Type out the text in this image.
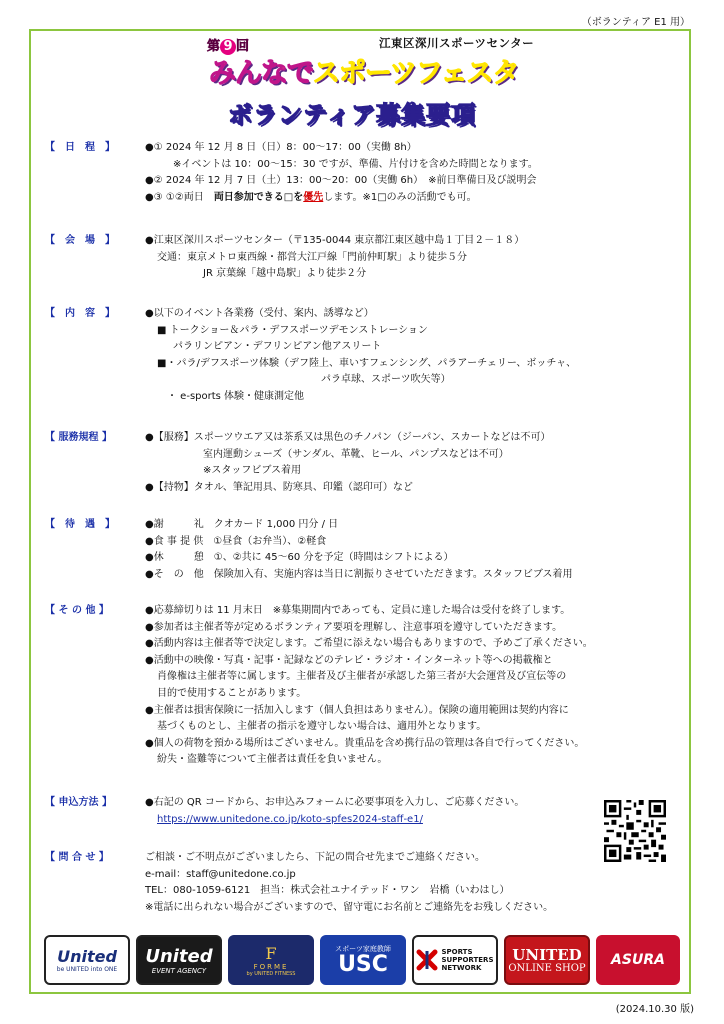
（ボランティア E1 用）
第 9 回	江東区深川スポーツセンター
みんなでスポーツフェスタ
ボランティア募集要項
【　日　程　】	●① 2024 年 12 月 8 日（日）8：00～17：00（実働 8h）
※イベントは 10：00～15：30 ですが、準備、片付けを含めた時間となります。
●② 2024 年 12 月 7 日（土）13：00～20：00（実働 6h）　※前日準備日及び説明会
●③ ①②両日　両日参加できる□を優先します。※1□のみの活動でも可。
【　会　場　】	●江東区深川スポーツセンター（〒135-0044 東京都江東区越中島１丁目２－１８）
交通：東京メトロ東西線・都営大江戸線「門前仲町駅」より徒歩５分
JR 京葉線「越中島駅」より徒歩２分
【　内　容　】	●以下のイベント各業務（受付、案内、誘導など）
■ トークショー＆パラ・デフスポーツデモンストレーション
パラリンピアン・デフリンピアン他アスリート
■・パラ/デフスポーツ体験（デフ陸上、車いすフェンシング、パラアーチェリー、ボッチャ、
パラ卓球、スポーツ吹矢等）
・ e-sports 体験・健康測定他
【 服務規程 】	●【服務】スポーツウエア又は茶系又は黒色のチノパン（ジーパン、スカートなどは不可）
室内運動シューズ（サンダル、革靴、ヒール、パンプスなどは不可）
※スタッフビブス着用
●【持物】タオル、筆記用具、防寒具、印鑑（認印可）など
【　待　遇　】	●謝　　　礼　クオカード 1,000 円分 / 日
●食 事 提 供　①昼食（お弁当）、②軽食
●休　　　憩　①、②共に 45～60 分を予定（時間はシフトによる）
●そ　の　他　保険加入有、実施内容は当日に割振りさせていただきます。スタッフビブス着用
【 そ の 他 】	●応募締切りは 11 月末日　※募集期間内であっても、定員に達した場合は受付を終了します。
●参加者は主催者等が定めるボランティア要項を理解し、注意事項を遵守していただきます。
●活動内容は主催者等で決定します。ご希望に添えない場合もありますので、予めご了承ください。
●活動中の映像・写真・記事・記録などのテレビ・ラジオ・インターネット等への掲載権と
肖像権は主催者等に属します。主催者及び主催者が承認した第三者が大会運営及び宣伝等の
目的で使用することがあります。
●主催者は損害保険に一括加入します（個人負担はありません）。保険の適用範囲は契約内容に
基づくものとし、主催者の指示を遵守しない場合は、適用外となります。
●個人の荷物を預かる場所はございません。貴重品を含め携行品の管理は各自で行ってください。
紛失・盗難等について主催者は責任を負いません。
【 申込方法 】	●右記の QR コードから、お申込みフォームに必要事項を入力し、ご応募ください。
https://www.unitedone.co.jp/koto-spfes2024-staff-e1/
【 問 合 せ 】	ご相談・ご不明点がございましたら、下記の問合せ先までご連絡ください。
e-mail：staff@unitedone.co.jp
TEL：080-1059-6121　担当：株式会社ユナイテッド・ワン　岩橋（いわはし）
※電話に出られない場合がございますので、留守電にお名前とご連絡先をお残しください。
United
be UNITED into ONE
United
EVENT AGENCY
F
FORME
by UNITED FITNESS
スポーツ家庭教師
USC	SPORTS
SUPPORTERS
NETWORK
UNITED
ONLINE SHOP ASURA
(2024.10.30 版)
